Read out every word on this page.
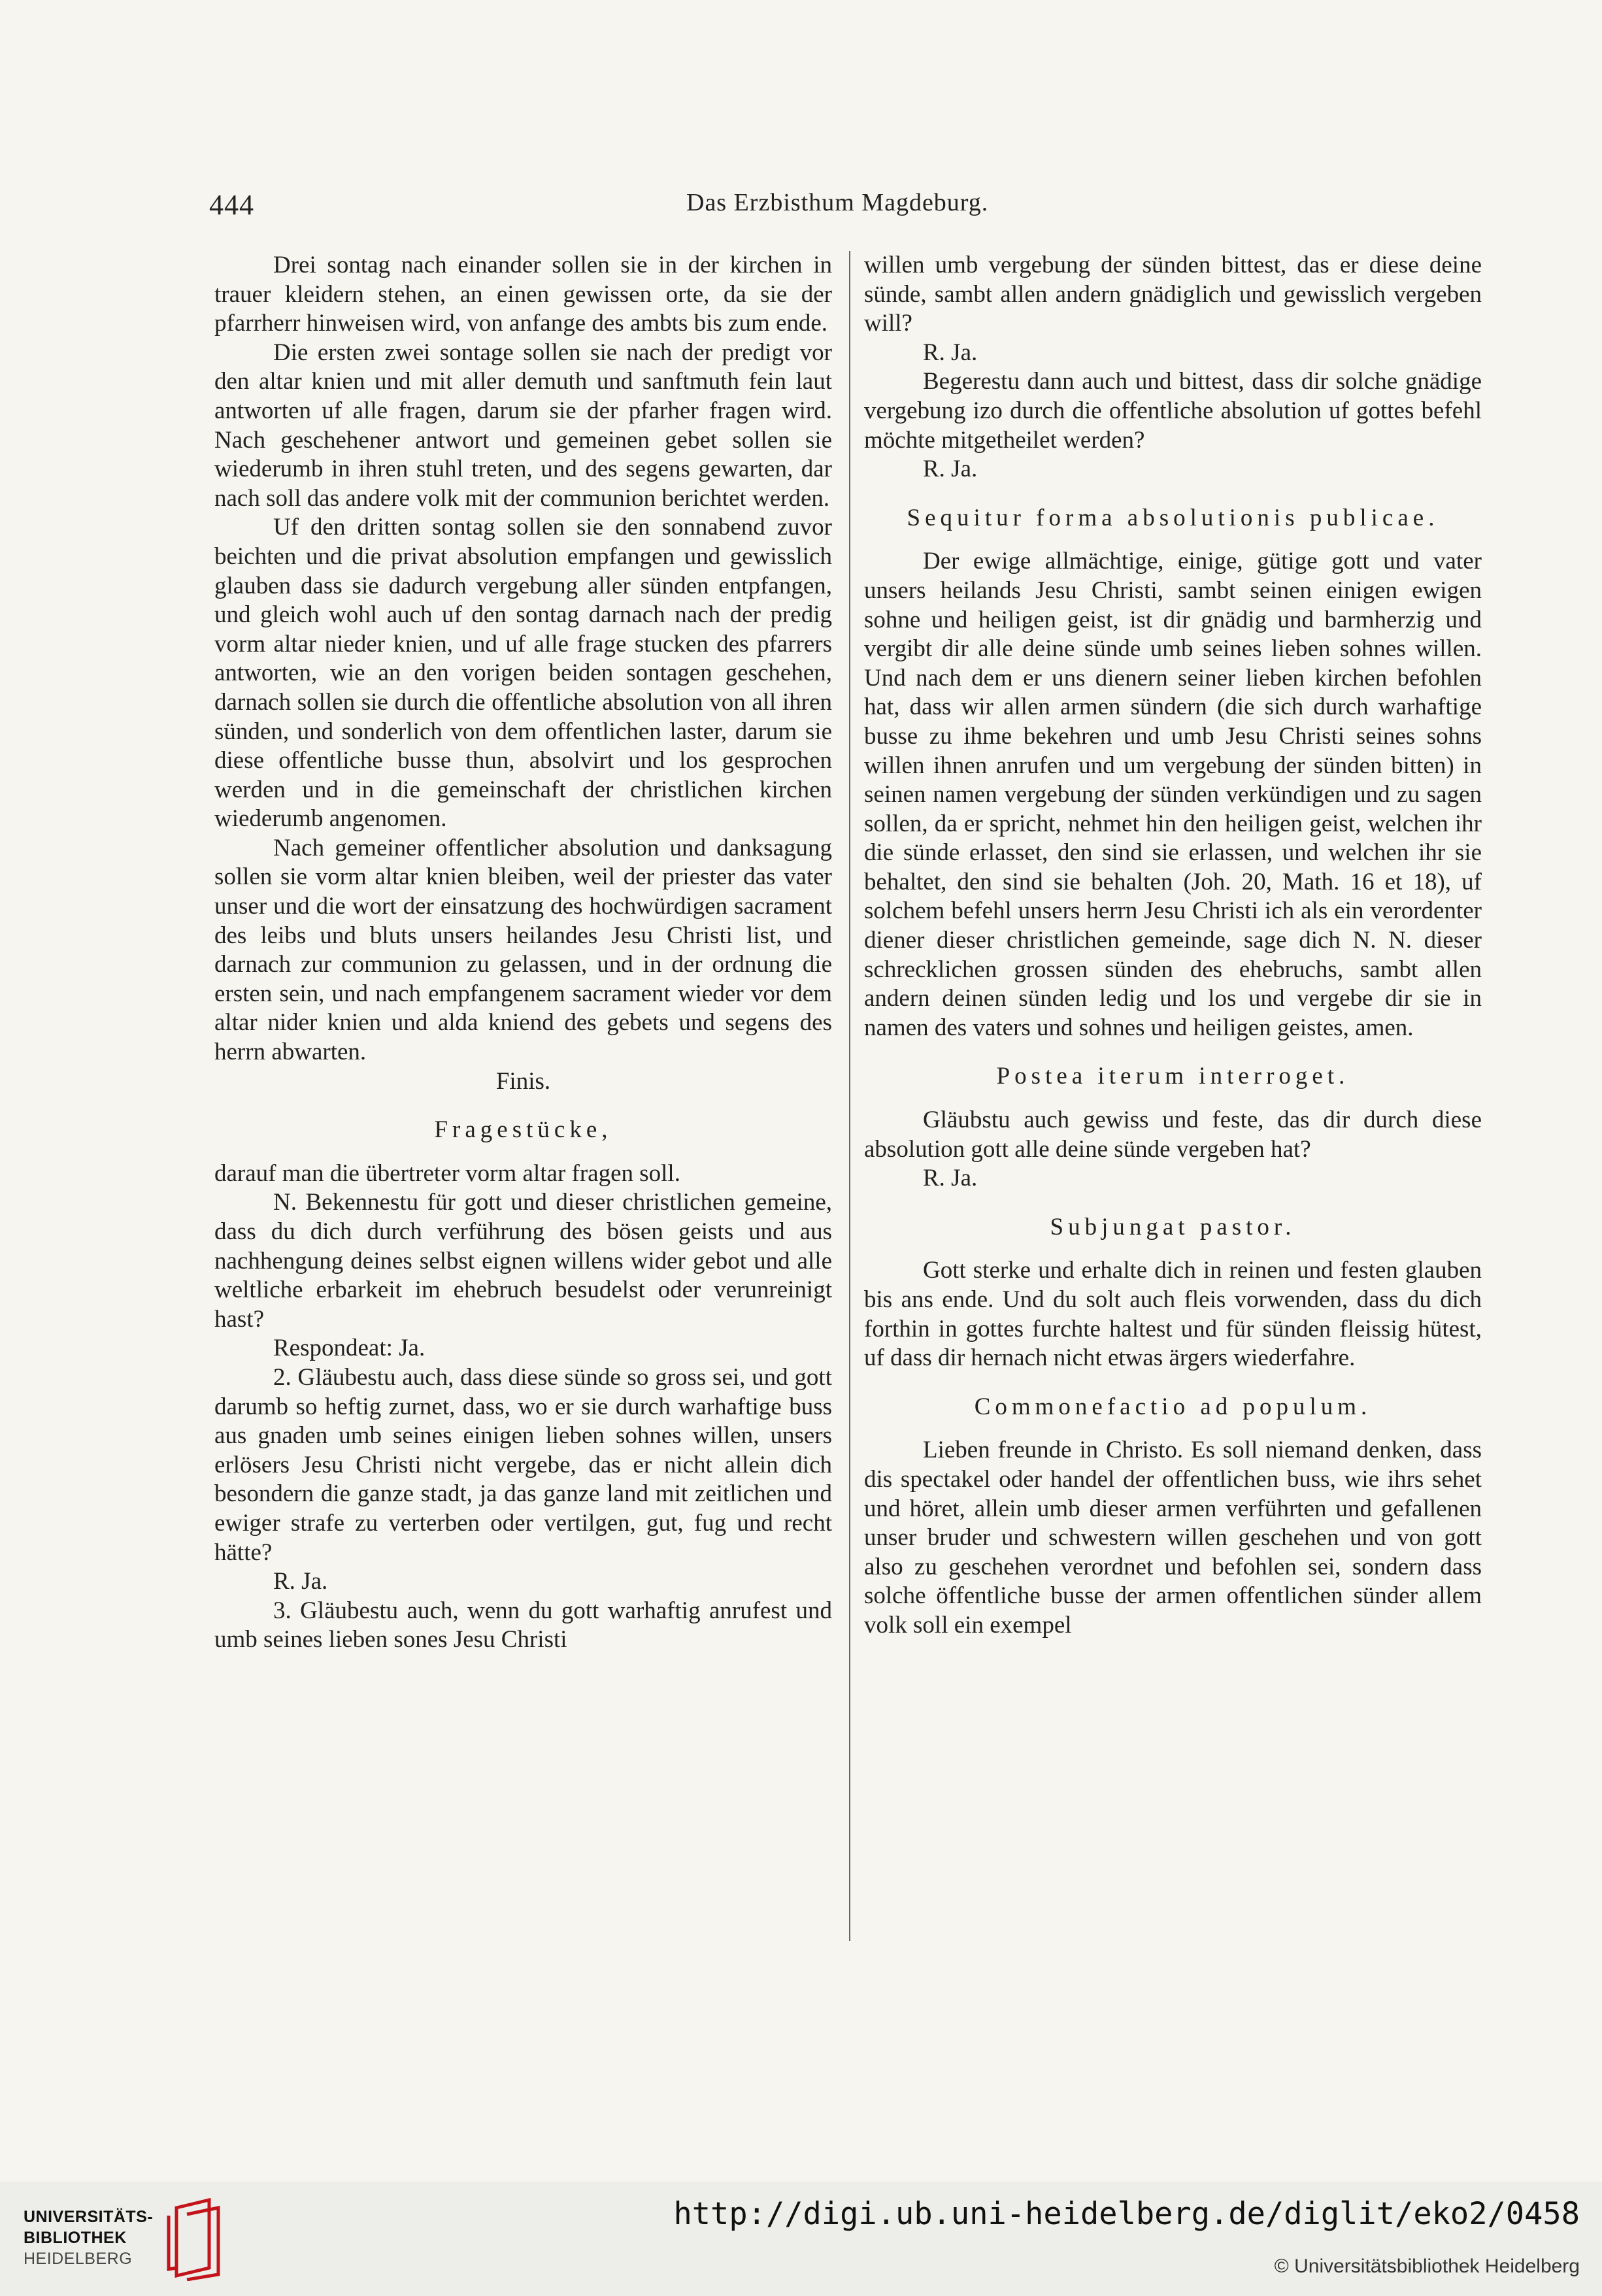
444	Das Erzbisthum Magdeburg.

Drei sontag nach einander sollen sie in der kirchen in trauer kleidern stehen, an einen gewissen orte, da sie der pfarrherr hinweisen wird, von anfange des ambts bis zum ende.

Die ersten zwei sontage sollen sie nach der predigt vor den altar knien und mit aller demuth und sanftmuth fein laut antworten uf alle fragen, darum sie der pfarher fragen wird. Nach geschehener antwort und gemeinen gebet sollen sie wiederumb in ihren stuhl treten, und des segens gewarten, dar nach soll das andere volk mit der communion berichtet werden.

Uf den dritten sontag sollen sie den sonnabend zuvor beichten und die privat absolution empfangen und gewisslich glauben dass sie dadurch vergebung aller sünden entpfangen, und gleich wohl auch uf den sontag darnach nach der predig vorm altar nieder knien, und uf alle frage stucken des pfarrers antworten, wie an den vorigen beiden sontagen geschehen, darnach sollen sie durch die offentliche absolution von all ihren sünden, und sonderlich von dem offentlichen laster, darum sie diese offentliche busse thun, absolvirt und los gesprochen werden und in die gemeinschaft der christlichen kirchen wiederumb angenomen.

Nach gemeiner offentlicher absolution und danksagung sollen sie vorm altar knien bleiben, weil der priester das vater unser und die wort der einsatzung des hochwürdigen sacrament des leibs und bluts unsers heilandes Jesu Christi list, und darnach zur communion zu gelassen, und in der ordnung die ersten sein, und nach empfangenem sacrament wieder vor dem altar nider knien und alda kniend des gebets und segens des herrn abwarten.

Finis.

Fragestücke,

darauf man die übertreter vorm altar fragen soll.

N. Bekennestu für gott und dieser christlichen gemeine, dass du dich durch verführung des bösen geists und aus nachhengung deines selbst eignen willens wider gebot und alle weltliche erbarkeit im ehebruch besudelst oder verunreinigt hast?

Respondeat: Ja.

2. Gläubestu auch, dass diese sünde so gross sei, und gott darumb so heftig zurnet, dass, wo er sie durch warhaftige buss aus gnaden umb seines einigen lieben sohnes willen, unsers erlösers Jesu Christi nicht vergebe, das er nicht allein dich besondern die ganze stadt, ja das ganze land mit zeitlichen und ewiger strafe zu verterben oder vertilgen, gut, fug und recht hätte?

R. Ja.

3. Gläubestu auch, wenn du gott warhaftig anrufest und umb seines lieben sones Jesu Christi

willen umb vergebung der sünden bittest, das er diese deine sünde, sambt allen andern gnädiglich und gewisslich vergeben will?

R. Ja.

Begerestu dann auch und bittest, dass dir solche gnädige vergebung izo durch die offentliche absolution uf gottes befehl möchte mitgetheilet werden?

R. Ja.

Sequitur forma absolutionis publicae.

Der ewige allmächtige, einige, gütige gott und vater unsers heilands Jesu Christi, sambt seinen einigen ewigen sohne und heiligen geist, ist dir gnädig und barmherzig und vergibt dir alle deine sünde umb seines lieben sohnes willen. Und nach dem er uns dienern seiner lieben kirchen befohlen hat, dass wir allen armen sündern (die sich durch warhaftige busse zu ihme bekehren und umb Jesu Christi seines sohns willen ihnen anrufen und um vergebung der sünden bitten) in seinen namen vergebung der sünden verkündigen und zu sagen sollen, da er spricht, nehmet hin den heiligen geist, welchen ihr die sünde erlasset, den sind sie erlassen, und welchen ihr sie behaltet, den sind sie behalten (Joh. 20, Math. 16 et 18), uf solchem befehl unsers herrn Jesu Christi ich als ein verordenter diener dieser christlichen gemeinde, sage dich N. N. dieser schrecklichen grossen sünden des ehebruchs, sambt allen andern deinen sünden ledig und los und vergebe dir sie in namen des vaters und sohnes und heiligen geistes, amen.

Postea iterum interroget.

Gläubstu auch gewiss und feste, das dir durch diese absolution gott alle deine sünde vergeben hat?

R. Ja.

Subjungat pastor.

Gott sterke und erhalte dich in reinen und festen glauben bis ans ende. Und du solt auch fleis vorwenden, dass du dich forthin in gottes furchte haltest und für sünden fleissig hütest, uf dass dir hernach nicht etwas ärgers wiederfahre.

Commonefactio ad populum.

Lieben freunde in Christo. Es soll niemand denken, dass dis spectakel oder handel der offentlichen buss, wie ihrs sehet und höret, allein umb dieser armen verführten und gefallenen unser bruder und schwestern willen geschehen und von gott also zu geschehen verordnet und befohlen sei, sondern dass solche öffentliche busse der armen offentlichen sünder allem volk soll ein exempel

UNIVERSITÄTS-
BIBLIOTHEK
HEIDELBERG
http://digi.ub.uni-heidelberg.de/diglit/eko2/0458
© Universitätsbibliothek Heidelberg
